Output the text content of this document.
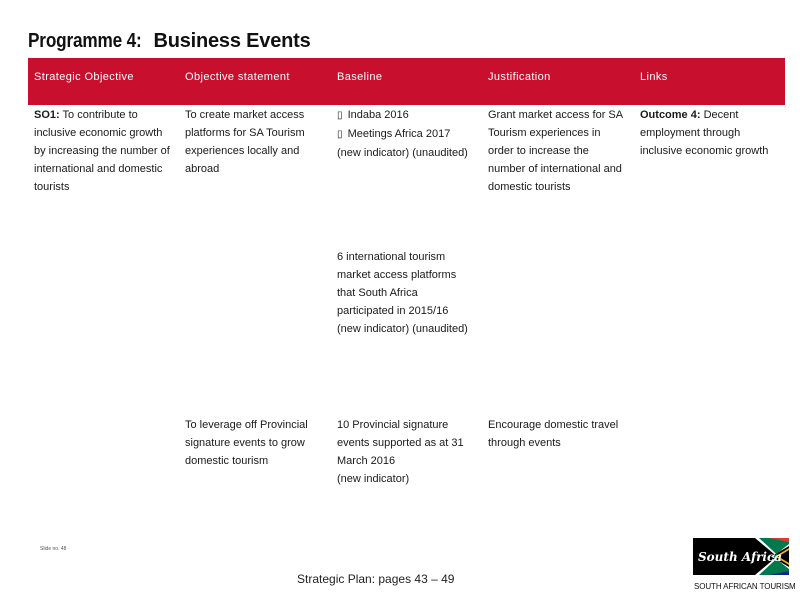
Programme 4: Business Events
Strategic Objective	Objective statement	Baseline	Justification	Links
SO1: To contribute to inclusive economic growth by increasing the number of international and domestic tourists	To create market access platforms for SA Tourism experiences locally and abroad	▯ Indaba 2016
▯ Meetings Africa 2017
(new indicator) (unaudited)	Grant market access for SA Tourism experiences in order to increase the number of international and domestic tourists	Outcome 4: Decent employment through inclusive economic growth

		6 international tourism market access platforms that South Africa participated in 2015/16
(new indicator) (unaudited)		

	To leverage off Provincial signature events to grow domestic tourism	10 Provincial signature events supported as at 31 March 2016
(new indicator)	Encourage domestic travel through events	
Slide no. 48
Strategic Plan: pages 43 – 49
South Africa
SOUTH AFRICAN TOURISM
